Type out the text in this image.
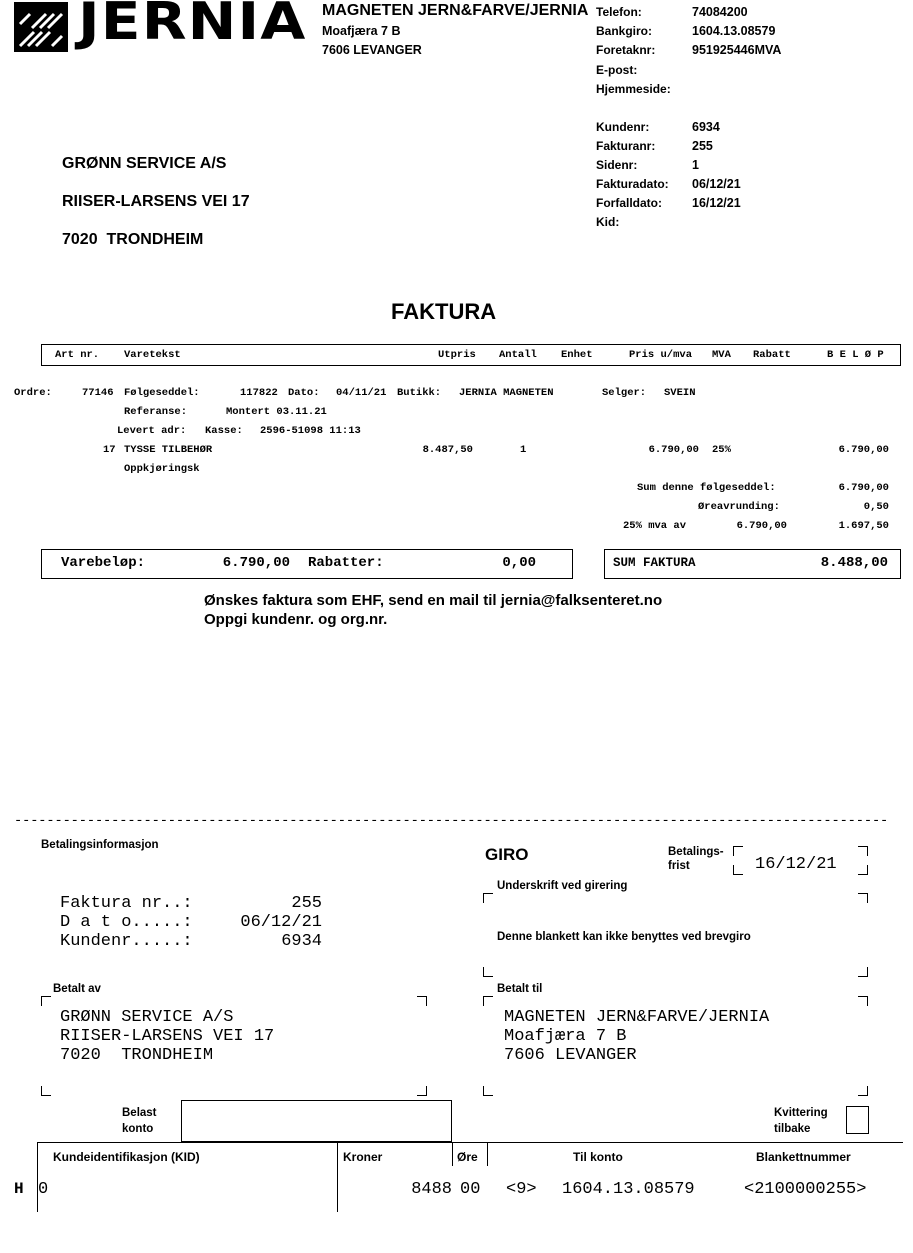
JERNIA MAGNETEN JERN&FARVE/JERNIA
Moafjæra 7 B
7606 LEVANGER
Telefon:	74084200
Bankgiro:	1604.13.08579
Foretaknr:	951925446MVA
E-post:
Hjemmeside:
Kundenr:	6934
Fakturanr:	255
Sidenr:	1
Fakturadato: 06/12/21
Forfalldato: 16/12/21
Kid:
GRØNN SERVICE A/S
RIISER-LARSENS VEI 17
7020  TRONDHEIM
FAKTURA
Art nr. Varetekst	Utpris Antall Enhet	Pris u/mva MVA Rabatt	B E L Ø P
Ordre:	77146 Følgeseddel:	117822 Dato: 04/11/21 Butikk: JERNIA MAGNETEN	Selger: SVEIN
Referanse:	Montert 03.11.21
Levert adr: Kasse: 2596-51098 11:13
17 TYSSE TILBEHØR	8.487,50	1	6.790,00 25%	6.790,00
Oppkjøringsk
Sum denne følgeseddel:	6.790,00
Øreavrunding:	0,50
25% mva av	6.790,00	1.697,50
Varebeløp:	6.790,00 Rabatter:	0,00	SUM FAKTURA	8.488,00
Ønskes faktura som EHF, send en mail til jernia@falksenteret.no
Oppgi kundenr. og org.nr.
------------------------------------------------------------------------------------------------------------
Betalingsinformasjon	GIRO	Betalings-
frist	16/12/21
Faktura nr..:	255
D a t o.....:	06/12/21
Kundenr.....:	6934
Underskrift ved girering
Denne blankett kan ikke benyttes ved brevgiro
Betalt av
GRØNN SERVICE A/S
RIISER-LARSENS VEI 17
7020  TRONDHEIM
Betalt til
MAGNETEN JERN&FARVE/JERNIA
Moafjæra 7 B
7606 LEVANGER
Belast
konto
Kvittering
tilbake
Kundeidentifikasjon (KID)	Kroner	Øre	Til konto	Blankettnummer
H 0	8488 00 <9> 1604.13.08579	<2100000255>
